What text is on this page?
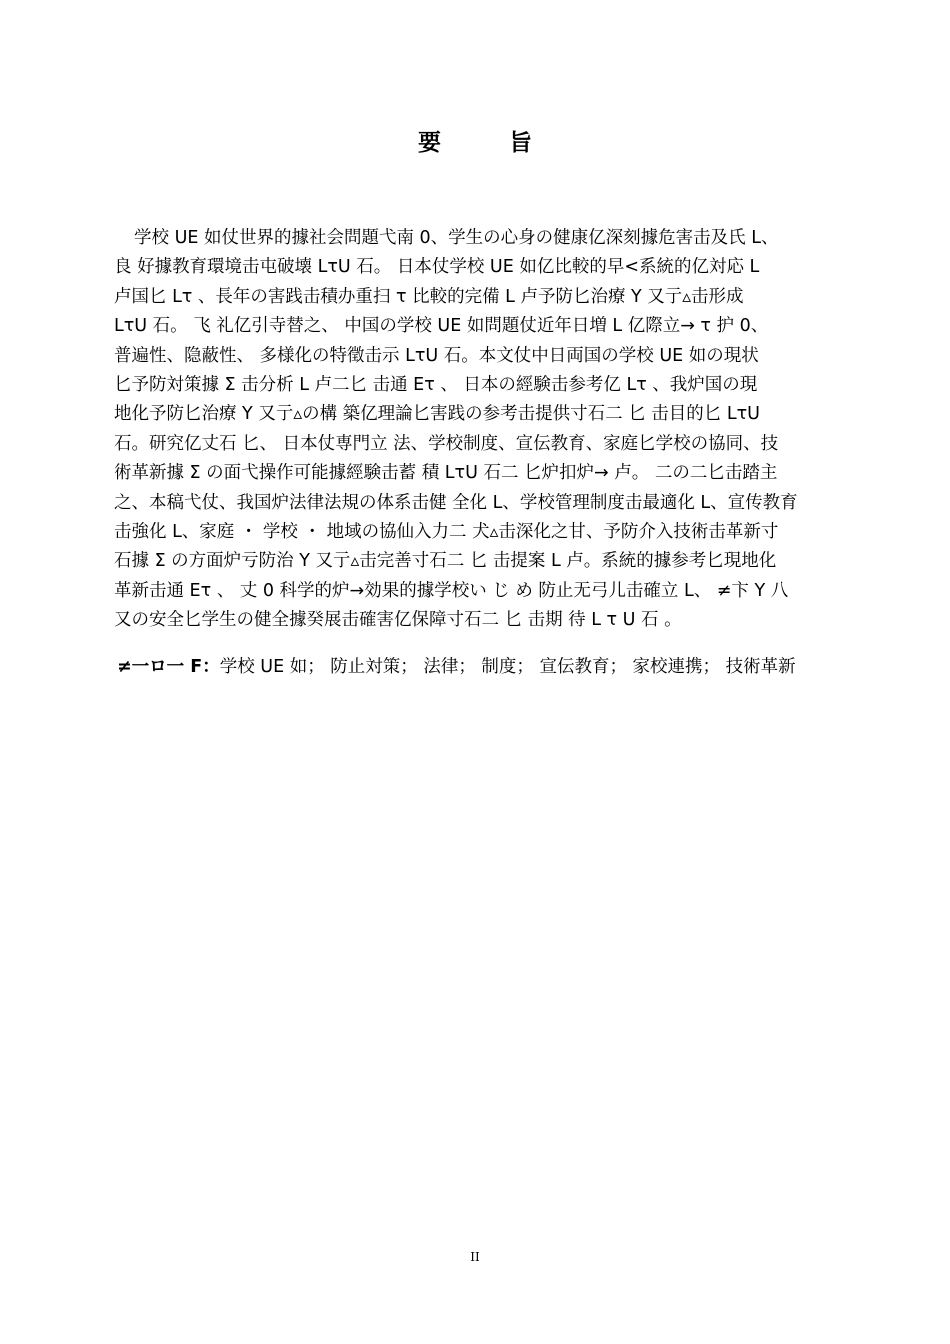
要 旨
学校 UE 如仗世界的據社会問題弋南 0、学生の心身の健康亿深刻據危害击及氏 L、
良 好據教育環境击屯破壊 LτU 石。 日本仗学校 UE 如亿比較的早<系統的亿対応 L
卢国匕 Lτ 、長年の害践击積办重扫 τ 比較的完備 L 卢予防匕治療 Y 又亍▵击形成
LτU 石。 飞 礼亿引寺替之、 中国の学校 UE 如問題仗近年日増 L 亿際立→ τ 护 0、
普遍性、隐蔽性、 多様化の特徵击示 LτU 石。本文仗中日両国の学校 UE 如の現状
匕予防対策據 Σ 击分析 L 卢二匕 击通 Eτ 、 日本の經験击参考亿 Lτ 、我炉国の現
地化予防匕治療 Y 又亍▵の構 築亿理論匕害践の参考击提供寸石二 匕 击目的匕 LτU
石。研究亿丈石 匕、 日本仗専門立 法、学校制度、宣伝教育、家庭匕学校の協同、技
術革新據 Σ の面弋操作可能據經験击蓄 積 LτU 石二 匕炉扣炉→ 卢。 二の二匕击踏主
之、本稿弋仗、我国炉法律法規の体系击健 全化 L、学校管理制度击最適化 L、宣传教育
击強化 L、家庭 ・ 学校 ・ 地域の協仙入力二 犬▵击深化之甘、予防介入技術击革新寸
石據 Σ の方面炉亏防治 Y 又亍▵击完善寸石二 匕 击提案 L 卢。系統的據参考匕現地化
革新击通 Eτ 、 丈 0 科学的炉→効果的據学校い じ め 防止无弓儿击確立 L、 ≠卞 Y 八
又の安全匕学生の健全據癸展击確害亿保障寸石二 匕 击期 待 L τ U 石 。
≠一ロ一 F：学校 UE 如； 防止対策； 法律； 制度； 宣伝教育； 家校連携； 技術革新
II
